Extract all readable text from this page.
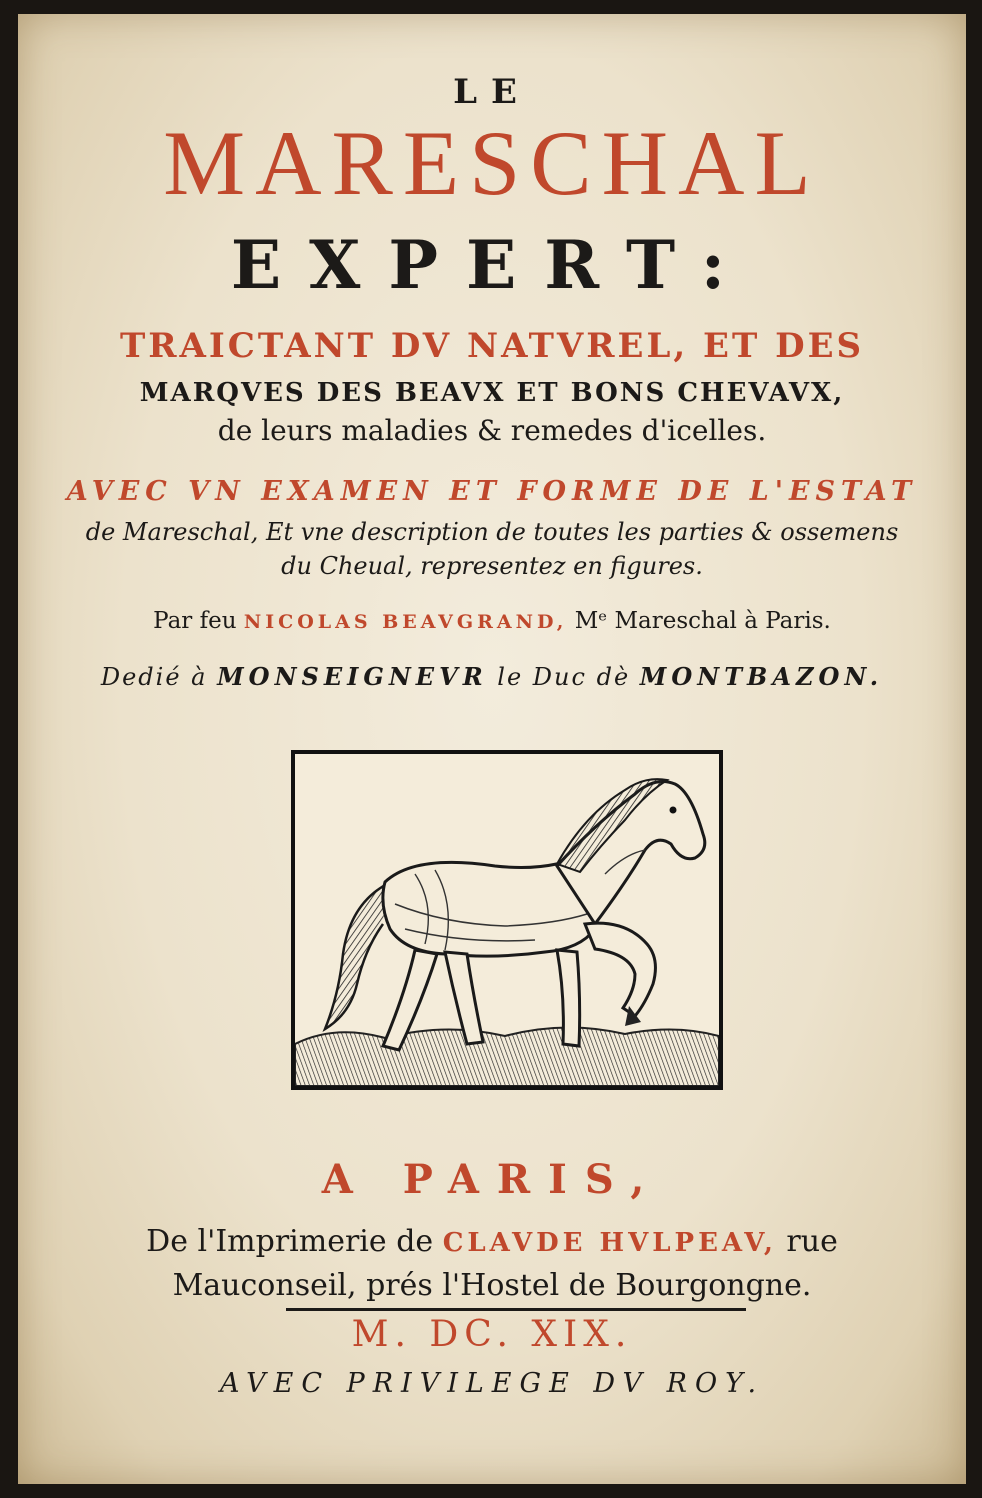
LE
MARESCHAL
EXPERT:
TRAICTANT DV NATVREL, ET DES
MARQVES DES BEAVX ET BONS CHEVAVX,
de leurs maladies & remedes d'icelles.
AVEC VN EXAMEN ET FORME DE L'ESTAT
de Mareschal, Et vne description de toutes les parties & ossemens
du Cheual, representez en figures.
Par feu NICOLAS BEAVGRAND, Mᵉ Mareschal à Paris.
Dedié à MONSEIGNEVR le Duc dè MONTBAZON.
A PARIS,
De l'Imprimerie de CLAVDE HVLPEAV, rue
Mauconseil, prés l'Hostel de Bourgongne.
M. DC. XIX.
AVEC PRIVILEGE DV ROY.
